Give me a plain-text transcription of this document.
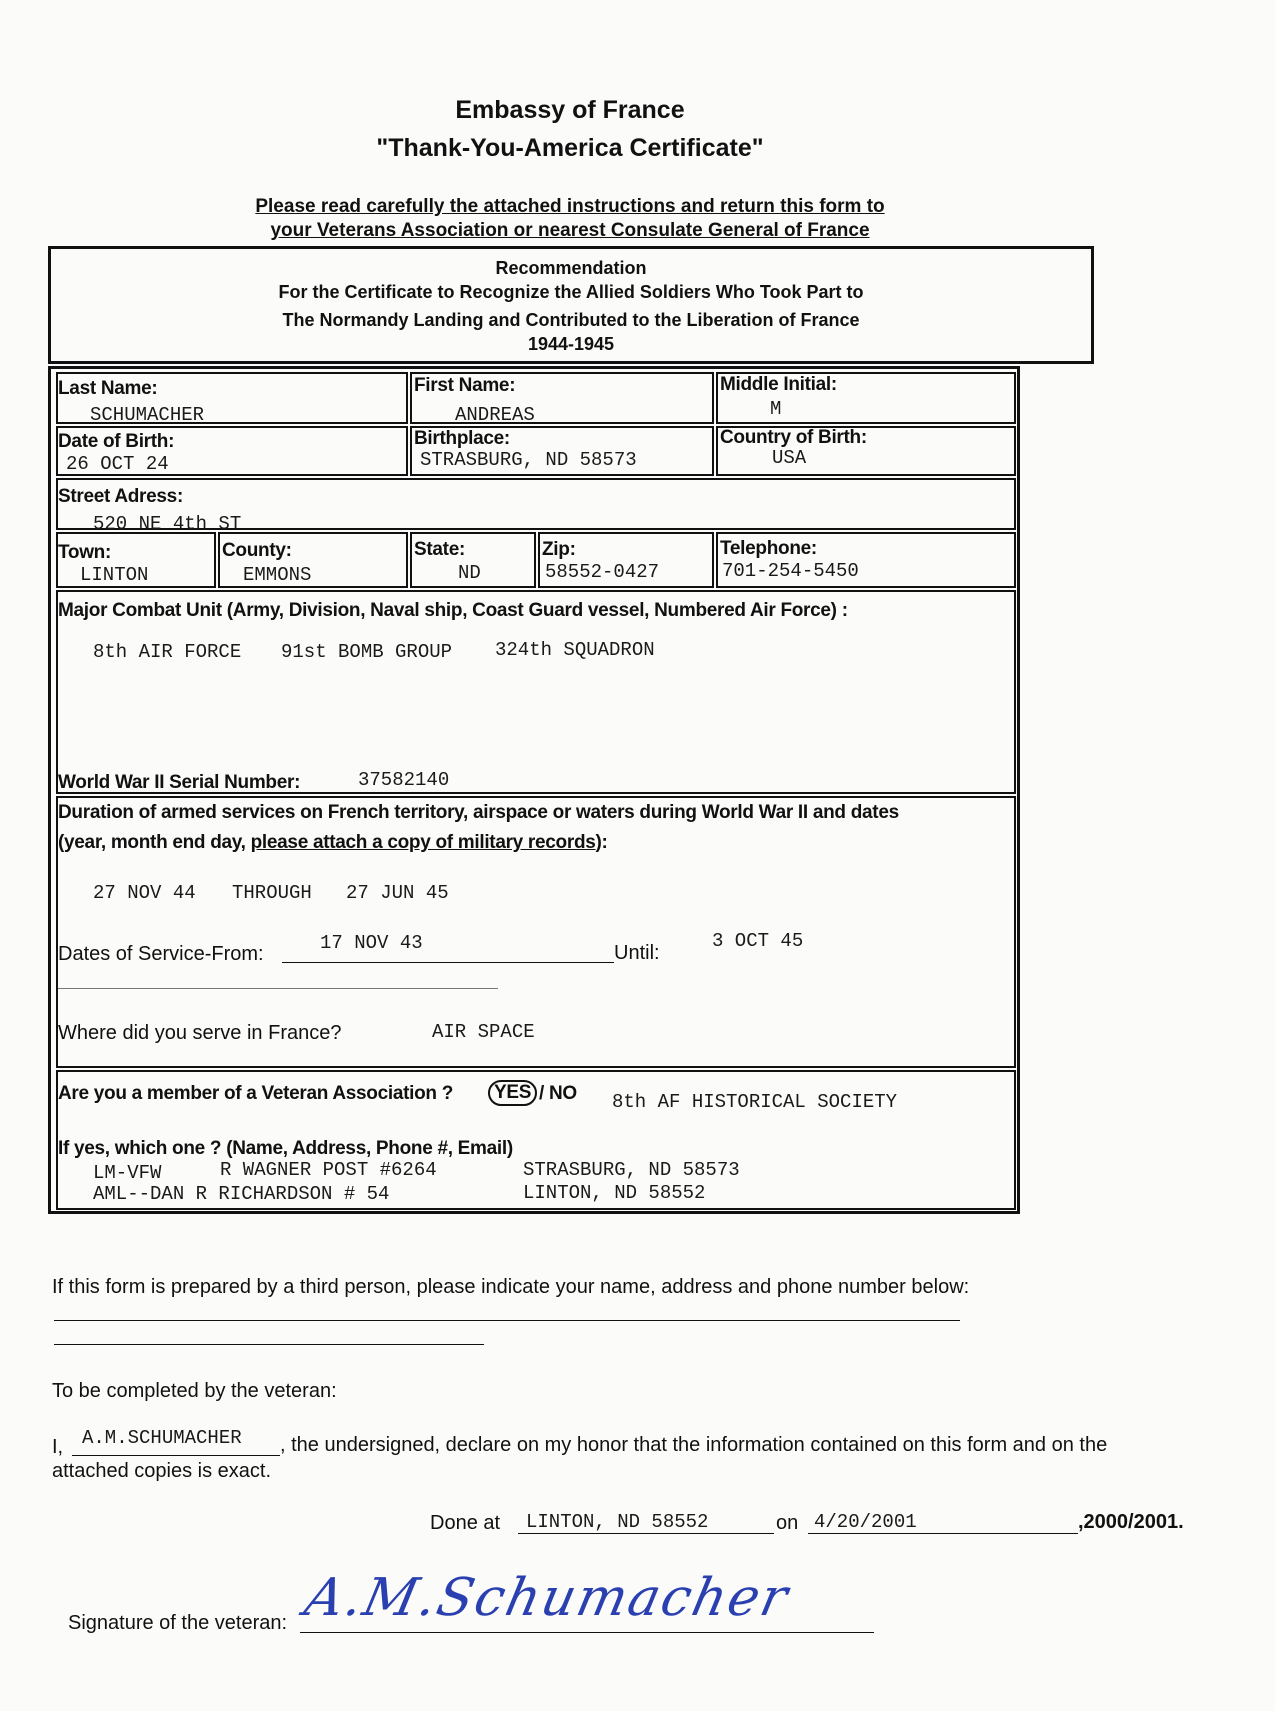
Embassy of France
"Thank-You-America Certificate"
Please read carefully the attached instructions and return this form to
your Veterans Association or nearest Consulate General of France
Recommendation
For the Certificate to Recognize the Allied Soldiers Who Took Part to
The Normandy Landing and Contributed to the Liberation of France
1944-1945
Last Name:
SCHUMACHER
First Name:
ANDREAS
Middle Initial:
M
Date of Birth:
26 OCT 24
Birthplace:
STRASBURG, ND 58573
Country of Birth:
USA
Street Adress:
520 NE 4th ST
Town:
LINTON
County:
EMMONS
State:
ND
Zip:
58552-0427
Telephone:
701-254-5450
Major Combat Unit (Army, Division, Naval ship, Coast Guard vessel, Numbered Air Force) :
8th AIR FORCE 91st BOMB GROUP 324th SQUADRON
World War II Serial Number:	37582140
Duration of armed services on French territory, airspace or waters during World War II and dates
(year, month end day, please attach a copy of military records):
27 NOV 44 THROUGH 27 JUN 45
Dates of Service-From:	17 NOV 43	Until:
3 OCT 45
Where did you serve in France?	AIR SPACE
Are you a member of a Veteran Association ?	YES / NO 8th AF HISTORICAL SOCIETY
If yes, which one ? (Name, Address, Phone #, Email)
LM-VFW	R WAGNER POST #6264	STRASBURG, ND 58573
AML--DAN R RICHARDSON # 54	LINTON, ND 58552
If this form is prepared by a third person, please indicate your name, address and phone number below:
To be completed by the veteran:
I, A.M.SCHUMACHER , the undersigned, declare on my honor that the information contained on this form and on the
attached copies is exact.
Done at LINTON, ND 58552	on 4/20/2001	,2000/2001.
Signature of the veteran: A.M.Schumacher
